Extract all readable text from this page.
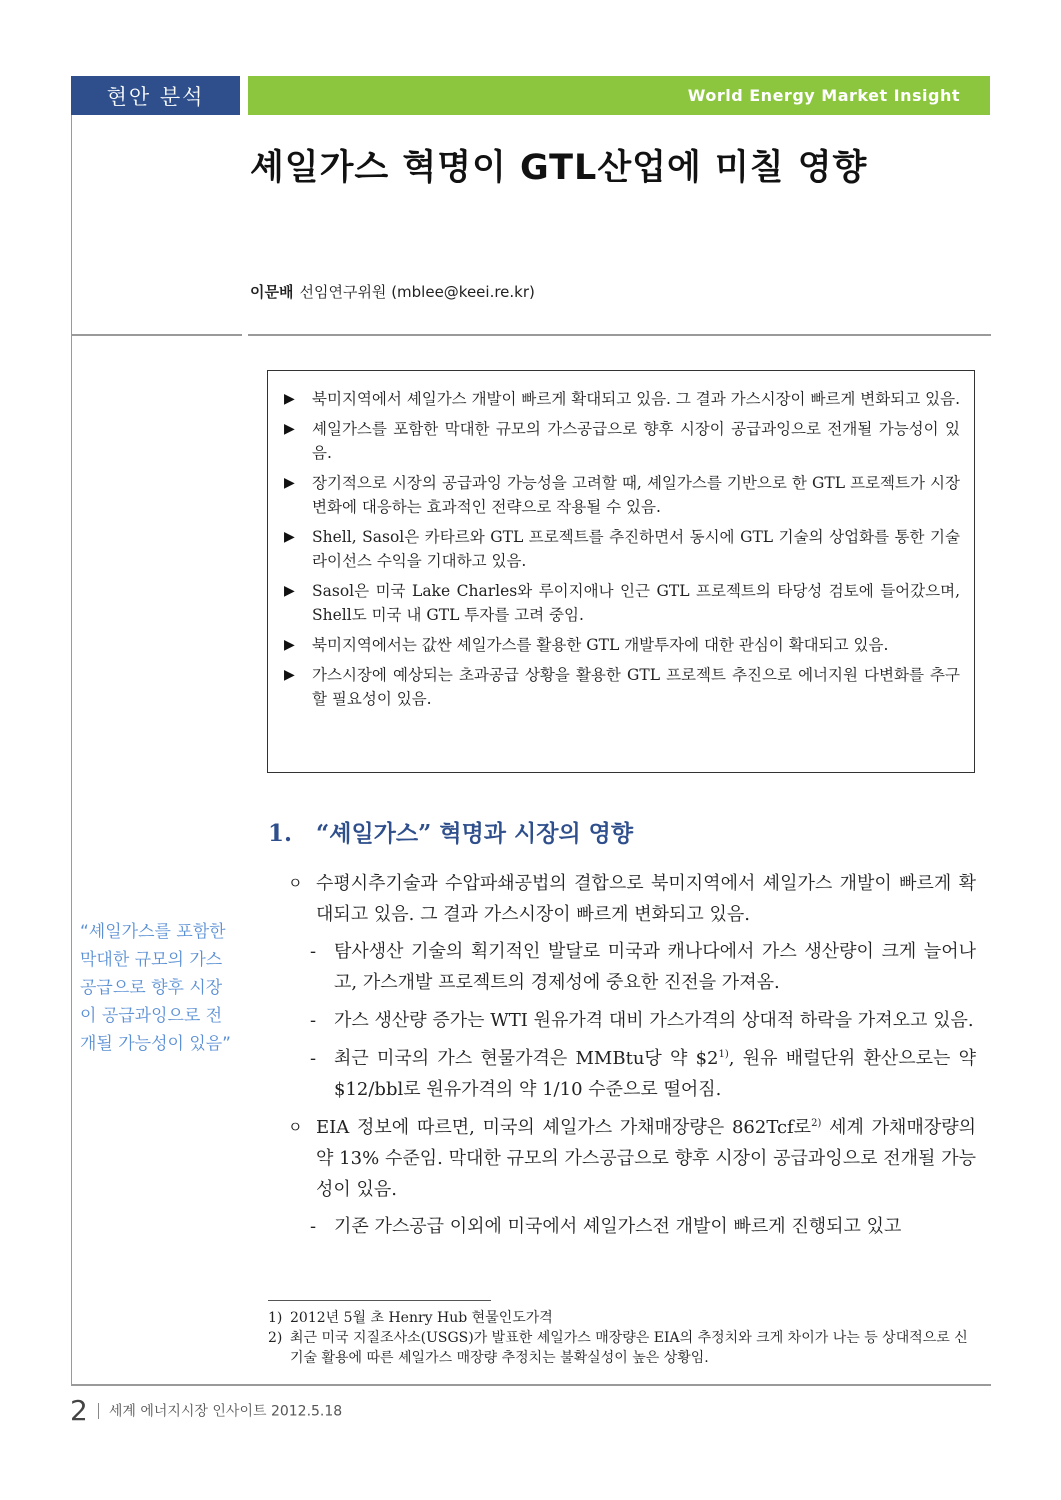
현안 분석	World Energy Market Insight
셰일가스 혁명이 GTL산업에 미칠 영향
이문배 선임연구위원 (mblee@keei.re.kr)
▶	북미지역에서 셰일가스 개발이 빠르게 확대되고 있음. 그 결과 가스시장이 빠르게 변화되고 있음.
▶	셰일가스를 포함한 막대한 규모의 가스공급으로 향후 시장이 공급과잉으로 전개될 가능성이 있음.
▶	장기적으로 시장의 공급과잉 가능성을 고려할 때, 셰일가스를 기반으로 한 GTL 프로젝트가 시장변화에 대응하는 효과적인 전략으로 작용될 수 있음.
▶	Shell, Sasol은 카타르와 GTL 프로젝트를 추진하면서 동시에 GTL 기술의 상업화를 통한 기술 라이선스 수익을 기대하고 있음.
▶	Sasol은 미국 Lake Charles와 루이지애나 인근 GTL 프로젝트의 타당성 검토에 들어갔으며, Shell도 미국 내 GTL 투자를 고려 중임.
▶	북미지역에서는 값싼 셰일가스를 활용한 GTL 개발투자에 대한 관심이 확대되고 있음.
▶	가스시장에 예상되는 초과공급 상황을 활용한 GTL 프로젝트 추진으로 에너지원 다변화를 추구할 필요성이 있음.
1. “셰일가스” 혁명과 시장의 영향
ㅇ 수평시추기술과 수압파쇄공법의 결합으로 북미지역에서 셰일가스 개발이 빠르게 확대되고 있음. 그 결과 가스시장이 빠르게 변화되고 있음.
- 탐사생산 기술의 획기적인 발달로 미국과 캐나다에서 가스 생산량이 크게 늘어나고, 가스개발 프로젝트의 경제성에 중요한 진전을 가져옴.
- 가스 생산량 증가는 WTI 원유가격 대비 가스가격의 상대적 하락을 가져오고 있음.
- 최근 미국의 가스 현물가격은 MMBtu당 약 $2$^{1)}$, 원유 배럴단위 환산으로는 약 $12/bbl로 원유가격의 약 1/10 수준으로 떨어짐.
ㅇ EIA 정보에 따르면, 미국의 셰일가스 가채매장량은 862Tcf로$^{2)}$ 세계 가채매장량의 약 13% 수준임. 막대한 규모의 가스공급으로 향후 시장이 공급과잉으로 전개될 가능성이 있음.
- 기존 가스공급 이외에 미국에서 셰일가스전 개발이 빠르게 진행되고 있고
“셰일가스를 포함한 막대한 규모의 가스공급으로 향후 시장이 공급과잉으로 전개될 가능성이 있음”
1) 2012년 5월 초 Henry Hub 현물인도가격
2) 최근 미국 지질조사소(USGS)가 발표한 셰일가스 매장량은 EIA의 추정치와 크게 차이가 나는 등 상대적으로 신기술 활용에 따른 셰일가스 매장량 추정치는 불확실성이 높은 상황임.
2 세계 에너지시장 인사이트 2012.5.18
